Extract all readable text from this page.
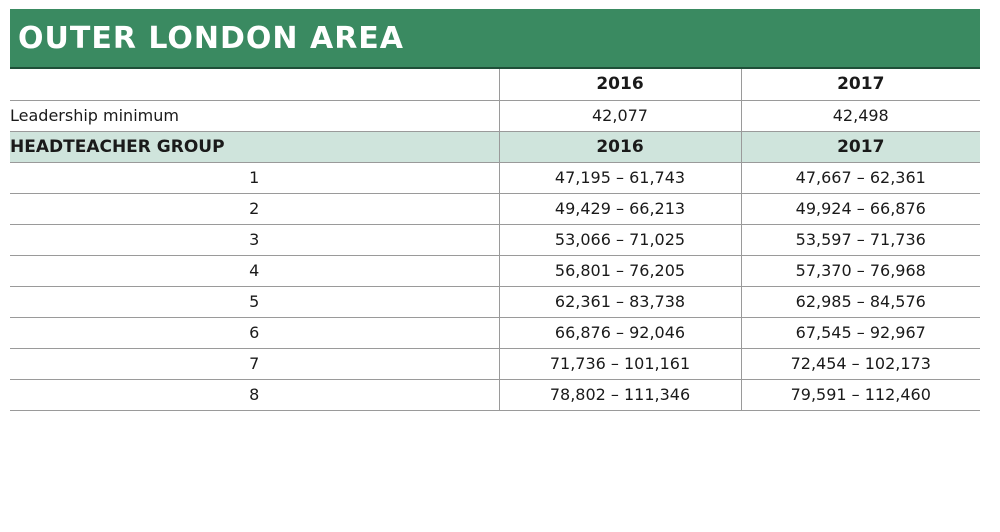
OUTER LONDON AREA
	2016	2017
Leadership minimum	42,077	42,498
HEADTEACHER GROUP	2016	2017
1	47,195 – 61,743	47,667 – 62,361
2	49,429 – 66,213	49,924 – 66,876
3	53,066 – 71,025	53,597 – 71,736
4	56,801 – 76,205	57,370 – 76,968
5	62,361 – 83,738	62,985 – 84,576
6	66,876 – 92,046	67,545 – 92,967
7	71,736 – 101,161	72,454 – 102,173
8	78,802 – 111,346	79,591 – 112,460
